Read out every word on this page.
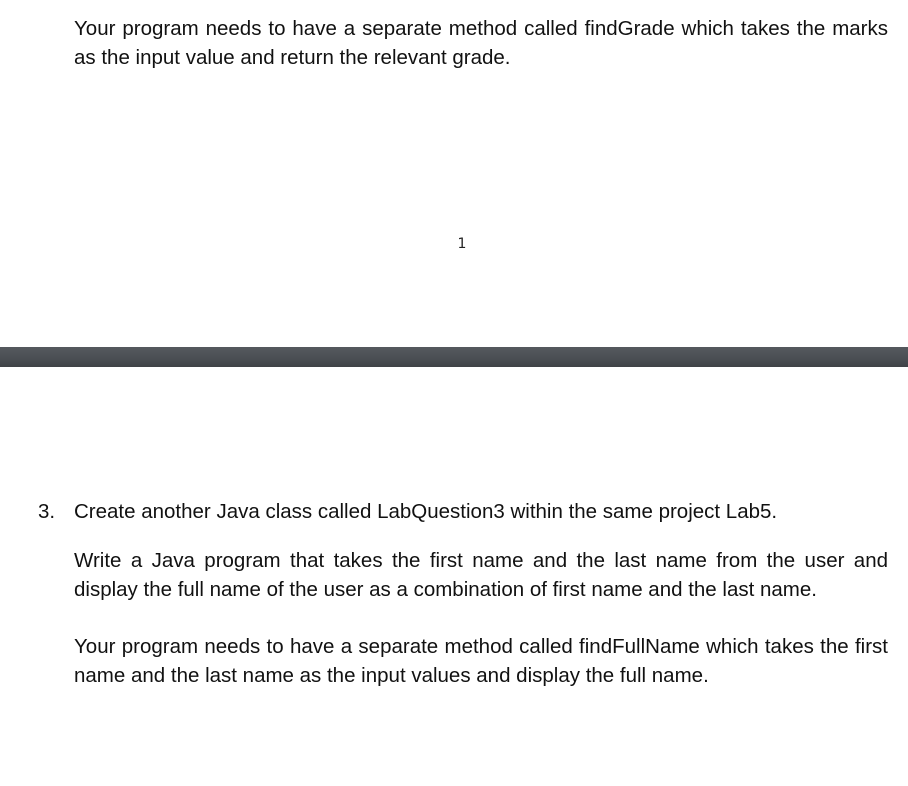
Your program needs to have a separate method called findGrade which takes the marks as the input value and return the relevant grade.

1
3. Create another Java class called LabQuestion3 within the same project Lab5.

Write a Java program that takes the first name and the last name from the user and display the full name of the user as a combination of first name and the last name.

Your program needs to have a separate method called findFullName which takes the first name and the last name as the input values and display the full name.
